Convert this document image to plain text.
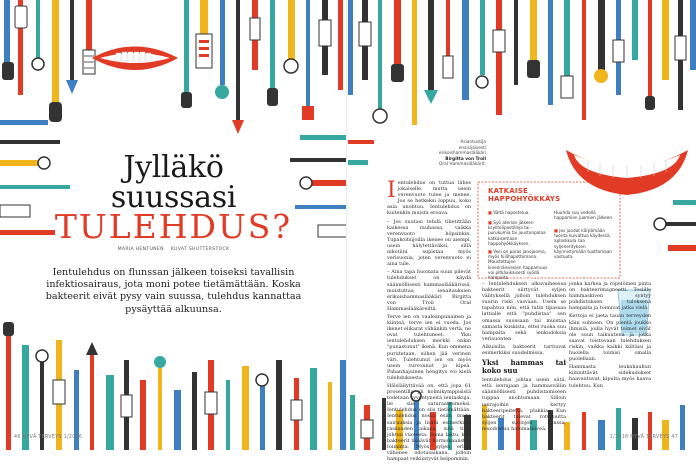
Jylläkö
suussasi
TULEHDUS?
MARIA HENTUNEN KUVAT SHUTTERSTOCK

Ientulehdus on flunssan jälkeen toiseksi tavallisin infektiosairaus, jota moni potee tietämättään. Koska bakteerit eivät pysy vain suussa, tulehdus kannattaa pysäyttää alkuunsa.

46 HYVÄ TERVEYS 1/2016
Asiantuntija
ensisijaisesti
erikoishammaslääkäri
Birgitta von Troil
Oral Hammaslääkärit.

Ientulehdus on tuttua lähes jokaiselle, mutta usein verenvuoto tulee ja menee. Jos se hetkeksi loppuu, koko asia unohtuu. Ientulehdus on kuitenkin muista eroava.

– Jos suutasi tehdä tihetittään kaikessa rauhassa, vaikka verenvuoto höpsinkin. Tupakoitsijoilla ikenee on aiempi, usein hälytettäväksi, sillä nikotiini supistaa myös verisuonia, joten verenvuoto ei aina tule.

– Aina tapa huomata suun pilevät tulehdukset on käydä säännöllisesti hammaslääkärissä, muistuttaa ienaitauksien erikoishammaslääkäri Birgitta von Troil Oral Hammaslääkäreiltä.

Terve ien on vaaleanpunainen ja kiinteä, terve ien ei vuoda. Jos ikenet elikarat vähänkin vertä, ne ovat tulehtuneet. Yksi ientulehduksen merkki onkin "punastunut" ikenä. Kun ommena purutetaan, siihen jää verinen väri. Tulehtunut ien on myös usein turvonnut ja kipeä. Pahanhajuinen hengitys voi kielä tulehduksesta.

Hälsläilyttävää on, että jopa 61 prosentilla yli kolmikymppisistä todetaan syventyneitä ientaskuja, lie siis saturaatioimeksi. Ientulehdus on siis tietämättään. Ientulehdus nosta esiin muita sairauksia ja lisätä esimerkiksi raskauden aikana, sillä tilaa johtuu vuotosta. Sama laktu, kun bakteerit lisäävät hormonaalisten toiminta. Myös syljen eritys vähenee odotusaikana, jolloin hampaat reikiintyvät helpommin.

KATKAISE
HAPPOHYÖKKÄYS
■ Vältä napostelua.
■ Syö aterian jälkeen ksylitolipastilleja tai -purukumia tai juustonpalaa katkaisemaan happohyökkäyksen.
■ Vesi on paras janojuoma, myös hiilihapottomana. Maustettujen kivennäisvesien happamuus voi pitkäaikaisesti syödä hampaita.
Huuhdo suu vedellä happamien juomien jälkeen.
■ Jos juodut kärpömään tuonta kuivattua käydessä, aplaskkula saa syljenerityksen käynnistymään tuottamaan vastuuta.

– Ientulehduksen alkuvaiheessa bakteerit siirtyvät syljen välityksellä jolloin tulehduksen suurin riski vasvaan. Usein se tapahtuu niin, että tutin tipassaa lattialle että "puhdistaa" sen omassa suussaan tai muistaa samasta kuskista, ettei ruoka suu hampaita sekä ienkudoksia verisuonten.

Aikuisilla bakteerit tarttuvat esimerkiksi suudelmissa.

Yksi hammas tai koko suu

Ientulehdus johtaa usein siitä, että ienrajaan ja hammasväliin säännöllisesti puhdistamiseen tuppaa unohtumaan. Silloin ienrajoihin kertyy bakteeripeitettä, plakkia. Kun bakteerit tulevat rotuvuutta syljen suolojen kanssa, muodostuu hammaskiveä,

jonka karkea ja röpelöinen pinta on bakteerimagneetti. Tosiille hammaskiven syntyy puhdistuksen tuloksena hampaita ja toimivat jatka vielä.

Kertoja ei jaeta tauan terveyden käin suhteen. On pientä joukko ihmisiä, joilla hyvät toimet eivät ole suun taikuutena ja jotka saavat toistuvaan tulehduksen riskin, vaikka kaikki kiiltäisi ja huolella toimisi omalla puolellaan.

Hammasta leukahauhun kiinnittävät sidekudokset haavautuvat, kipulta myös haava tulehtuu. Kun

1/2016 HYVÄ TERVEYS 47
